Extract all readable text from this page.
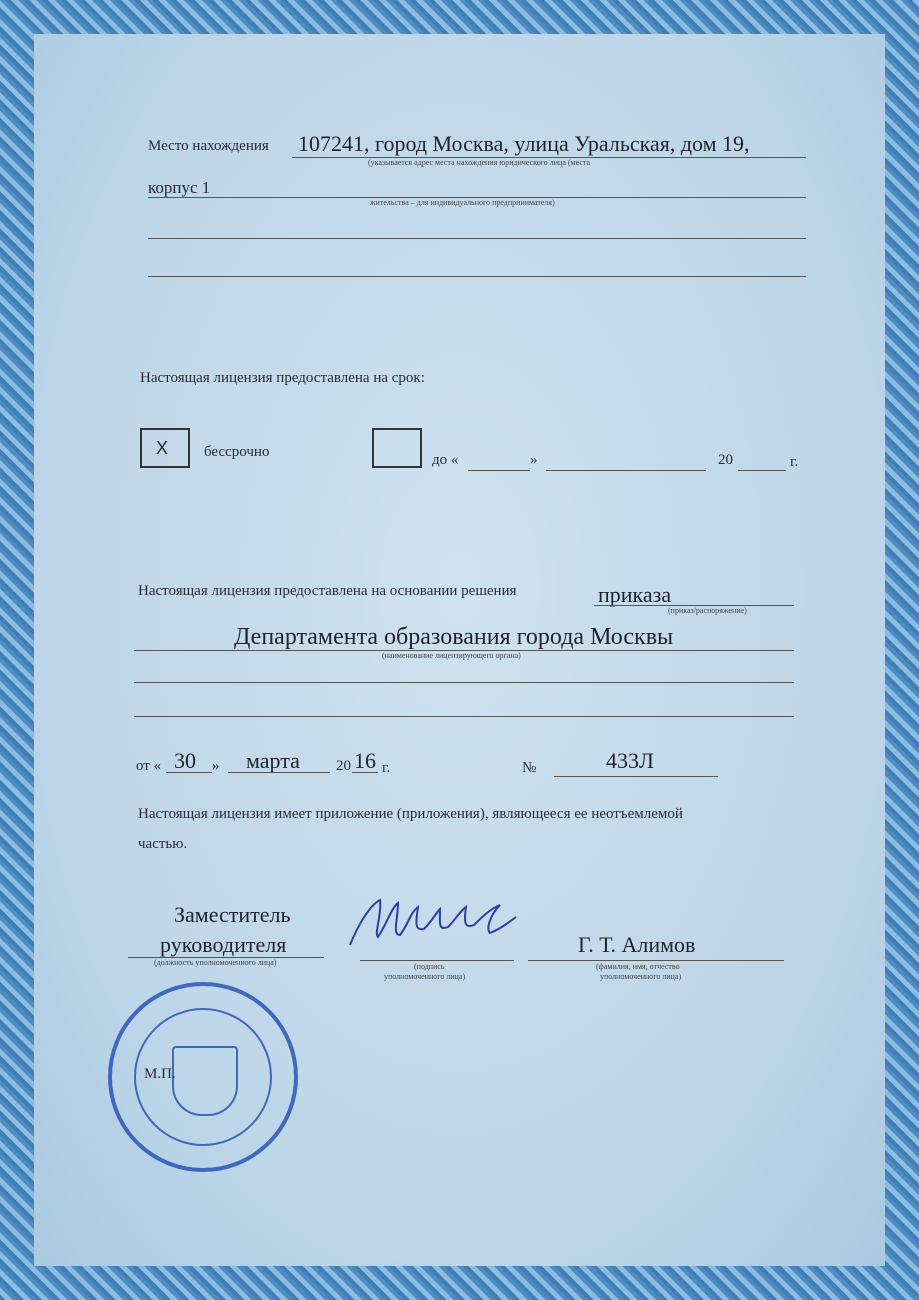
Место нахождения 107241, город Москва, улица Уральская, дом 19,
(указывается адрес места нахождения юридического лица (места
корпус 1
жительства – для индивидуального предпринимателя)
Настоящая лицензия предоставлена на срок:
X бессрочно	до «	»	20	г.
Настоящая лицензия предоставлена на основании решения	приказа
(приказ/распоряжение)
Департамента образования города Москвы
(наименование лицензирующего органа)
от « 30 » марта 20 16 г.	№	433Л
Настоящая лицензия имеет приложение (приложения), являющееся ее неотъемлемой
частью.
Заместитель
руководителя
(должность уполномоченного лица)	(подпись
уполномоченного лица)
Г. Т. Алимов
(фамилия, имя, отчество
уполномоченного лица)
М.П.
